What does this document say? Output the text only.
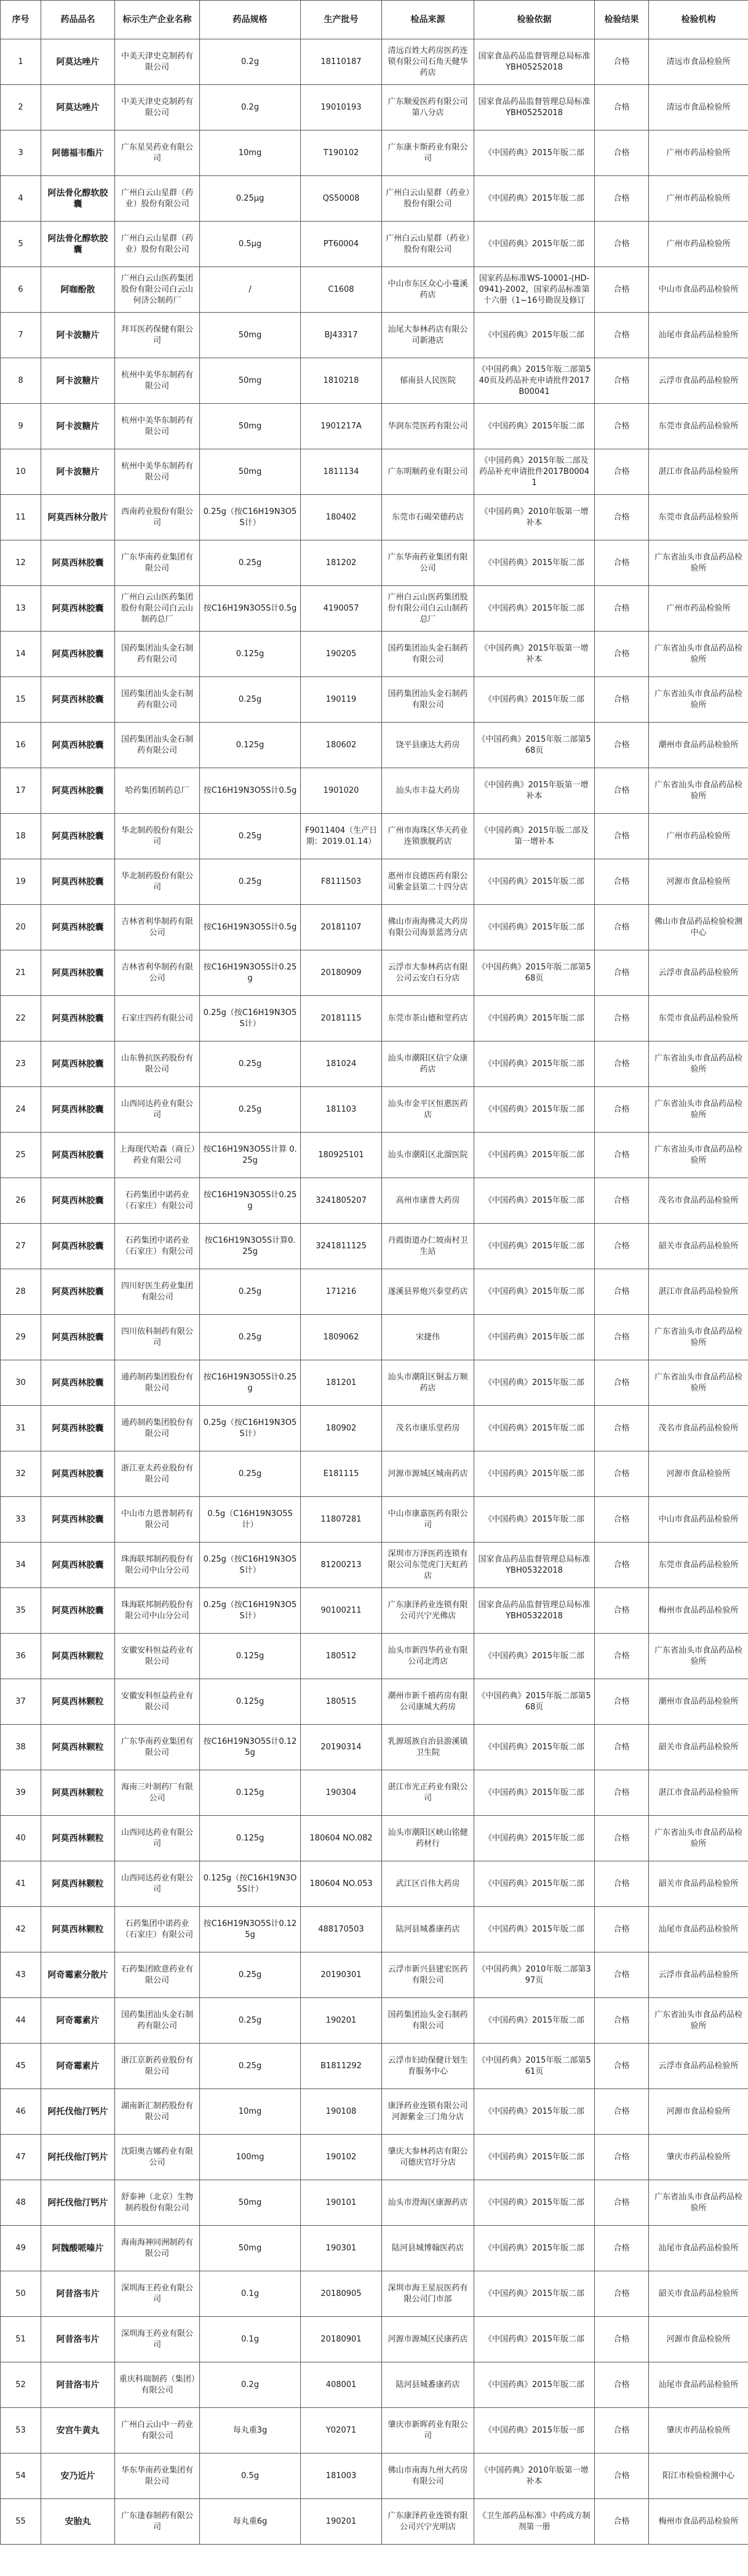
序号	药品品名	标示生产企业名称	药品规格	生产批号	检品来源	检验依据	检验结果	检验机构
1	阿莫达唑片	中美天津史克制药有限公司	0.2g	18110187	清远百姓大药房医药连锁有限公司石角天健华药店	国家食品药品监督管理总局标准YBH05252018	合格	清远市食品检验所
2	阿莫达唑片	中美天津史克制药有限公司	0.2g	19010193	广东顺爱医药有限公司第八分店	国家食品药品监督管理总局标准YBH05252018	合格	清远市食品检验所
3	阿德福韦酯片	广东星昊药业有限公司	10mg	T190102	广东康卡斯药业有限公司	《中国药典》2015年版二部	合格	广州市药品检验所
4	阿法骨化醇软胶囊	广州白云山星群（药业）股份有限公司	0.25μg	QS50008	广州白云山星群（药业）股份有限公司	《中国药典》2015年版二部	合格	广州市药品检验所
5	阿法骨化醇软胶囊	广州白云山星群（药业）股份有限公司	0.5μg	PT60004	广州白云山星群（药业）股份有限公司	《中国药典》2015年版二部	合格	广州市药品检验所
6	阿咖酚散	广州白云山医药集团股份有限公司白云山何济公制药厂	/	C1608	中山市东区众心小蔓溪药店	国家药品标准WS-10001-(HD-0941)-2002，国家药品标准第十六册（1~16号勘误及修订	合格	中山市食品药品检验所
7	阿卡波糖片	拜耳医药保健有限公司	50mg	BJ43317	汕尾大参林药店有限公司新港店	《中国药典》2015年版二部	合格	汕尾市食品药品检验所
8	阿卡波糖片	杭州中美华东制药有限公司	50mg	1810218	郁南县人民医院	《中国药典》2015年版二部第540页及药品补充申请批件2017B00041	合格	云浮市食品药品检验所
9	阿卡波糖片	杭州中美华东制药有限公司	50mg	1901217A	华润东莞医药有限公司	《中国药典》2015年版二部	合格	东莞市食品药品检验所
10	阿卡波糖片	杭州中美华东制药有限公司	50mg	1811134	广东明顺药业有限公司	《中国药典》2015年版二部及药品补充申请批件2017B00041	合格	湛江市食品药品检验所
11	阿莫西林分散片	西南药业股份有限公司	0.25g（按C16H19N3O5S计）	180402	东莞市石碣荣德药店	《中国药典》2010年版第一增补本	合格	东莞市食品药品检验所
12	阿莫西林胶囊	广东华南药业集团有限公司	0.25g	181202	广东华南药业集团有限公司	《中国药典》2015年版二部	合格	广东省汕头市食品药品检验所
13	阿莫西林胶囊	广州白云山医药集团股份有限公司白云山制药总厂	按C16H19N3O5S计0.5g	4190057	广州白云山医药集团股份有限公司白云山制药总厂	《中国药典》2015年版二部	合格	广州市药品检验所
14	阿莫西林胶囊	国药集团汕头金石制药有限公司	0.125g	190205	国药集团汕头金石制药有限公司	《中国药典》2015年版第一增补本	合格	广东省汕头市食品药品检验所
15	阿莫西林胶囊	国药集团汕头金石制药有限公司	0.25g	190119	国药集团汕头金石制药有限公司	《中国药典》2015年版二部	合格	广东省汕头市食品药品检验所
16	阿莫西林胶囊	国药集团汕头金石制药有限公司	0.125g	180602	饶平县康达大药房	《中国药典》2015年版二部第568页	合格	潮州市食品药品检验所
17	阿莫西林胶囊	哈药集团制药总厂	按C16H19N3O5S计0.5g	1901020	汕头市丰益大药房	《中国药典》2015年版第一增补本	合格	广东省汕头市食品药品检验所
18	阿莫西林胶囊	华北制药股份有限公司	0.25g	F9011404（生产日期：2019.01.14）	广州市海珠区华天药业连锁旗舰药店	《中国药典》2015年版二部及第一增补本	合格	广州市药品检验所
19	阿莫西林胶囊	华北制药股份有限公司	0.25g	F8111503	惠州市良德医药有限公司紫金县第二十四分店	《中国药典》2015年版二部	合格	河源市食品检验所
20	阿莫西林胶囊	吉林省利华制药有限公司	按C16H19N3O5S计0.5g	20181107	佛山市南海佛灵大药房有限公司海景蓝湾分店	《中国药典》2015年版二部	合格	佛山市食品药品检验检测中心
21	阿莫西林胶囊	吉林省利华制药有限公司	按C16H19N3O5S计0.25g	20180909	云浮市大参林药店有限公司云安白石分店	《中国药典》2015年版二部第568页	合格	云浮市食品药品检验所
22	阿莫西林胶囊	石家庄四药有限公司	0.25g（按C16H19N3O5S计）	20181115	东莞市茶山德和堂药店	《中国药典》2015年版二部	合格	东莞市食品药品检验所
23	阿莫西林胶囊	山东鲁抗医药股份有限公司	0.25g	181024	汕头市潮阳区信宁众康药店	《中国药典》2015年版二部	合格	广东省汕头市食品药品检验所
24	阿莫西林胶囊	山西同达药业有限公司	0.25g	181103	汕头市金平区恒惠医药店	《中国药典》2015年版二部	合格	广东省汕头市食品药品检验所
25	阿莫西林胶囊	上海现代哈森（商丘）药业有限公司	按C16H19N3O5S计算 0.25g	180925101	汕头市潮阳区北溜医院	《中国药典》2015年版二部	合格	广东省汕头市食品药品检验所
26	阿莫西林胶囊	石药集团中诺药业（石家庄）有限公司	按C16H19N3O5S计0.25g	3241805207	高州市康普大药房	《中国药典》2015年版二部	合格	茂名市食品药品检验所
27	阿莫西林胶囊	石药集团中诺药业（石家庄）有限公司	按C16H19N3O5S计算0.25g	3241811125	丹霞街道办仁坡南村卫生站	《中国药典》2015年版二部	合格	韶关市食品药品检验所
28	阿莫西林胶囊	四川好医生药业集团有限公司	0.25g	171216	遂溪县界炮兴泰堂药店	《中国药典》2015年版二部	合格	湛江市食品药品检验所
29	阿莫西林胶囊	四川依科制药有限公司	0.25g	1809062	宋捷伟	《中国药典》2015年版二部	合格	广东省汕头市食品药品检验所
30	阿莫西林胶囊	通药制药集团股份有限公司	按C16H19N3O5S计0.25g	181201	汕头市潮阳区铜盂万顺药店	《中国药典》2015年版二部	合格	广东省汕头市食品药品检验所
31	阿莫西林胶囊	通药制药集团股份有限公司	0.25g（按C16H19N3O5S计）	180902	茂名市康乐堂药房	《中国药典》2015年版二部	合格	茂名市食品药品检验所
32	阿莫西林胶囊	浙江亚太药业股份有限公司	0.25g	E181115	河源市源城区城南药店	《中国药典》2015年版二部	合格	河源市食品检验所
33	阿莫西林胶囊	中山市力恩普制药有限公司	0.5g（C16H19N3O5S计）	11807281	中山市康嘉医药有限公司	《中国药典》2015年版二部	合格	中山市食品药品检验所
34	阿莫西林胶囊	珠海联邦制药股份有限公司中山分公司	0.25g（按C16H19N3O5S计）	81200213	深圳市万泽医药连锁有限公司东莞虎门天虹药店	国家食品药品监督管理总局标准YBH05322018	合格	东莞市食品药品检验所
35	阿莫西林胶囊	珠海联邦制药股份有限公司中山分公司	0.25g（按C16H19N3O5S计）	90100211	广东康泽药业连锁有限公司兴宁光佛店	国家食品药品监督管理总局标准YBH05322018	合格	梅州市食品药品检验所
36	阿莫西林颗粒	安徽安科恒益药业有限公司	0.125g	180512	汕头市新四华药业有限公司北湾店	《中国药典》2015年版二部	合格	广东省汕头市食品药品检验所
37	阿莫西林颗粒	安徽安科恒益药业有限公司	0.125g	180515	潮州市新千禧药房有限公司康城大药房	《中国药典》2015年版二部第568页	合格	潮州市食品药品检验所
38	阿莫西林颗粒	广东华南药业集团有限公司	按C16H19N3O5S计0.125g	20190314	乳源瑶族自治县游溪镇卫生院	《中国药典》2015年版二部	合格	韶关市食品药品检验所
39	阿莫西林颗粒	海南三叶制药厂有限公司	0.125g	190304	湛江市光正药业有限公司	《中国药典》2015年版二部	合格	湛江市食品药品检验所
40	阿莫西林颗粒	山西同达药业有限公司	0.125g	180604 NO.082	汕头市潮阳区峡山铭健药材行	《中国药典》2015年版二部	合格	广东省汕头市食品药品检验所
41	阿莫西林颗粒	山西同达药业有限公司	0.125g（按C16H19N3O5S计）	180604 NO.053	武江区百伟大药房	《中国药典》2015年版二部	合格	韶关市食品药品检验所
42	阿莫西林颗粒	石药集团中诺药业（石家庄）有限公司	按C16H19N3O5S计0.125g	488170503	陆河县城番康药店	《中国药典》2015年版二部	合格	汕尾市食品药品检验所
43	阿奇霉素分散片	石药集团欧意药业有限公司	0.25g	20190301	云浮市新兴县建宏医药有限公司	《中国药典》2010年版二部第397页	合格	云浮市食品药品检验所
44	阿奇霉素片	国药集团汕头金石制药有限公司	0.25g	190201	国药集团汕头金石制药有限公司	《中国药典》2015年版二部	合格	广东省汕头市食品药品检验所
45	阿奇霉素片	浙江京新药业股份有限公司	0.25g	B1811292	云浮市妇幼保健计划生育服务中心	《中国药典》2015年版二部第561页	合格	云浮市食品药品检验所
46	阿托伐他汀钙片	湖南新汇制药股份有限公司	10mg	190108	康泽药业连锁有限公司河源紫金三门角分店	《中国药典》2015年版二部	合格	河源市食品检验所
47	阿托伐他汀钙片	沈阳奥吉娜药业有限公司	100mg	190102	肇庆大参林药店有限公司德庆官圩分店	《中国药典》2015年版二部	合格	肇庆市药品检验所
48	阿托伐他汀钙片	舒泰神（北京）生物制药股份有限公司	50mg	190101	汕头市澄海区康源药店	《中国药典》2015年版二部	合格	广东省汕头市食品药品检验所
49	阿魏酸哌嗪片	海南海神同洲制药有限公司	50mg	190301	陆河县城博翰医药店	《中国药典》2015年版二部	合格	汕尾市食品药品检验所
50	阿昔洛韦片	深圳海王药业有限公司	0.1g	20180905	深圳市海王星辰医药有限公司门市部	《中国药典》2015年版二部	合格	韶关市食品药品检验所
51	阿昔洛韦片	深圳海王药业有限公司	0.1g	20180901	河源市源城区民康药店	《中国药典》2015年版二部	合格	河源市食品检验所
52	阿昔洛韦片	重庆科瑞制药（集团）有限公司	0.2g	408001	陆河县城番康药店	《中国药典》2015年版二部	合格	汕尾市食品药品检验所
53	安宫牛黄丸	广州白云山中一药业有限公司	每丸重3g	Y02071	肇庆市新晖药业有限公司	《中国药典》2015年版一部	合格	肇庆市药品检验所
54	安乃近片	华东华南药业集团有限公司	0.5g	181003	佛山市南海九州大药房有限公司	《中国药典》2010年版第一增补本	合格	阳江市检验检测中心
55	安胎丸	广东逢春制药有限公司	每丸重6g	190201	广东康泽药业连锁有限公司兴宁光明店	《卫生部药品标准》中药成方制剂第一册	合格	梅州市食品药品检验所
